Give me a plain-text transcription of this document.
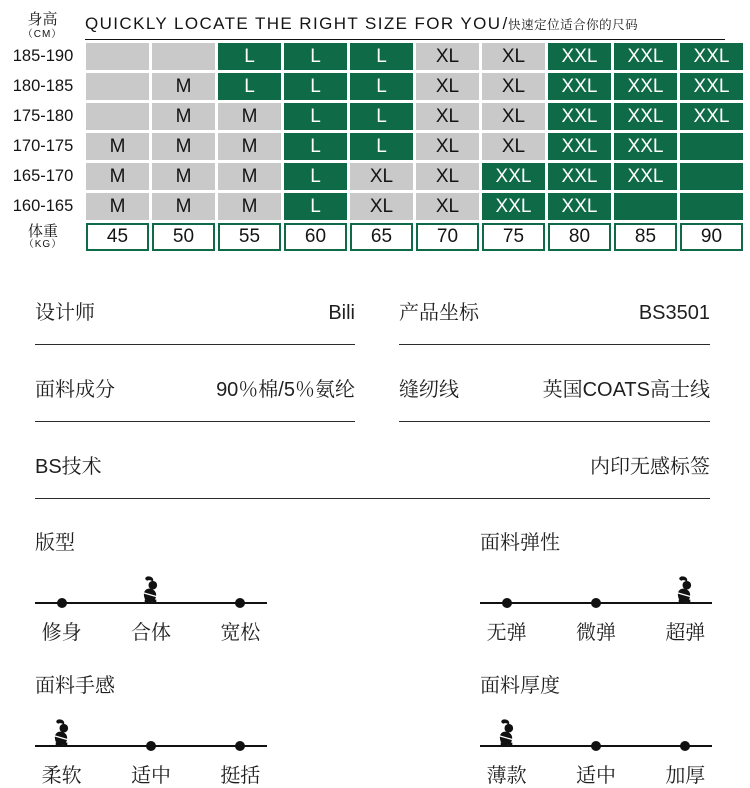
身高
（CM）
QUICKLY LOCATE THE RIGHT SIZE FOR YOU/快速定位适合你的尺码
185-190			L	L	L	XL	XL	XXL	XXL	XXL
180-185		M	L	L	L	XL	XL	XXL	XXL	XXL
175-180		M	M	L	L	XL	XL	XXL	XXL	XXL
170-175	M	M	M	L	L	XL	XL	XXL	XXL	
165-170	M	M	M	L	XL	XL	XXL	XXL	XXL	
160-165	M	M	M	L	XL	XL	XXL	XXL		

体重
（KG）	45	50	55	60	65	70	75	80	85	90
设计师	Bili 产品坐标	BS3501
面料成分	90％棉/5％氨纶 缝纫线	英国COATS高士线
BS技术	内印无感标签
版型
修身 合体 宽松
面料弹性
无弹 微弹 超弹
面料手感
柔软 适中 挺括
面料厚度
薄款 适中 加厚
